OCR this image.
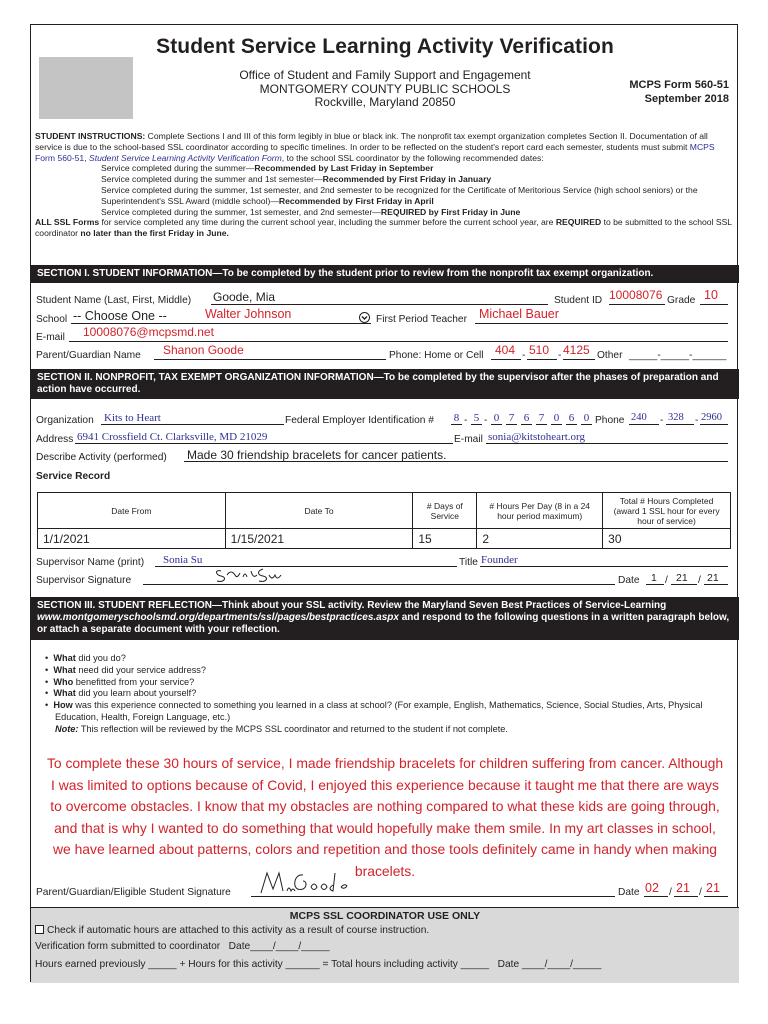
Student Service Learning Activity Verification
Office of Student and Family Support and Engagement
MONTGOMERY COUNTY PUBLIC SCHOOLS
Rockville, Maryland 20850
MCPS Form 560-51
September 2018
STUDENT INSTRUCTIONS: Complete Sections I and III of this form legibly in blue or black ink. The nonprofit tax exempt organization completes Section II. Documentation of all service is due to the school-based SSL coordinator according to specific timelines. In order to be reflected on the student's report card each semester, students must submit MCPS Form 560-51, Student Service Learning Activity Verification Form, to the school SSL coordinator by the following recommended dates:
Service completed during the summer—Recommended by Last Friday in September
Service completed during the summer and 1st semester—Recommended by First Friday in January
Service completed during the summer, 1st semester, and 2nd semester to be recognized for the Certificate of Meritorious Service (high school seniors) or the Superintendent's SSL Award (middle school)—Recommended by First Friday in April
Service completed during the summer, 1st semester, and 2nd semester—REQUIRED by First Friday in June
ALL SSL Forms for service completed any time during the current school year, including the summer before the current school year, are REQUIRED to be submitted to the school SSL coordinator no later than the first Friday in June.
SECTION I. STUDENT INFORMATION—To be completed by the student prior to review from the nonprofit tax exempt organization.
Student Name (Last, First, Middle) Goode, Mia	Student ID 10008076 Grade 10
School -- Choose One --	Walter Johnson	First Period Teacher Michael Bauer
E-mail 10008076@mcpsmd.net
Parent/Guardian Name Shanon Goode	Phone: Home or Cell 404 - 510 - 4125 Other _____-_____-______
SECTION II. NONPROFIT, TAX EXEMPT ORGANIZATION INFORMATION—To be completed by the supervisor after the phases of preparation and action have occurred.
Organization Kits to Heart	Federal Employer Identification # 8 - 5 - 0 7 6 7 0 6 0 Phone 240 - 328 - 2960
Address 6941 Crossfield Ct. Clarksville, MD 21029	E-mail sonia@kitstoheart.org
Describe Activity (performed) Made 30 friendship bracelets for cancer patients.
Service Record
Date From	Date To	# Days of Service	# Hours Per Day (8 in a 24 hour period maximum)	Total # Hours Completed (award 1 SSL hour for every hour of service)
1/1/2021	1/15/2021	15	2	30
Supervisor Name (print) Sonia Su	Title Founder
Supervisor Signature	Date 1 / 21 / 21
SECTION III. STUDENT REFLECTION—Think about your SSL activity. Review the Maryland Seven Best Practices of Service-Learning www.montgomeryschoolsmd.org/departments/ssl/pages/bestpractices.aspx and respond to the following questions in a written paragraph below, or attach a separate document with your reflection.
•  What did you do?
•  What need did your service address?
•  Who benefitted from your service?
•  What did you learn about yourself?
•  How was this experience connected to something you learned in a class at school? (For example, English, Mathematics, Science, Social Studies, Arts, Physical Education, Health, Foreign Language, etc.)
Note: This reflection will be reviewed by the MCPS SSL coordinator and returned to the student if not complete.
To complete these 30 hours of service, I made friendship bracelets for children suffering from cancer. Although I was limited to options because of Covid, I enjoyed this experience because it taught me that there are ways to overcome obstacles. I know that my obstacles are nothing compared to what these kids are going through, and that is why I wanted to do something that would hopefully make them smile. In my art classes in school, we have learned about patterns, colors and repetition and those tools definitely came in handy when making bracelets.
Parent/Guardian/Eligible Student Signature	Date 02 / 21 / 21
MCPS SSL COORDINATOR USE ONLY
Check if automatic hours are attached to this activity as a result of course instruction.
Verification form submitted to coordinator Date____/____/_____
Hours earned previously _____ + Hours for this activity ______ = Total hours including activity _____ Date ____/____/_____
